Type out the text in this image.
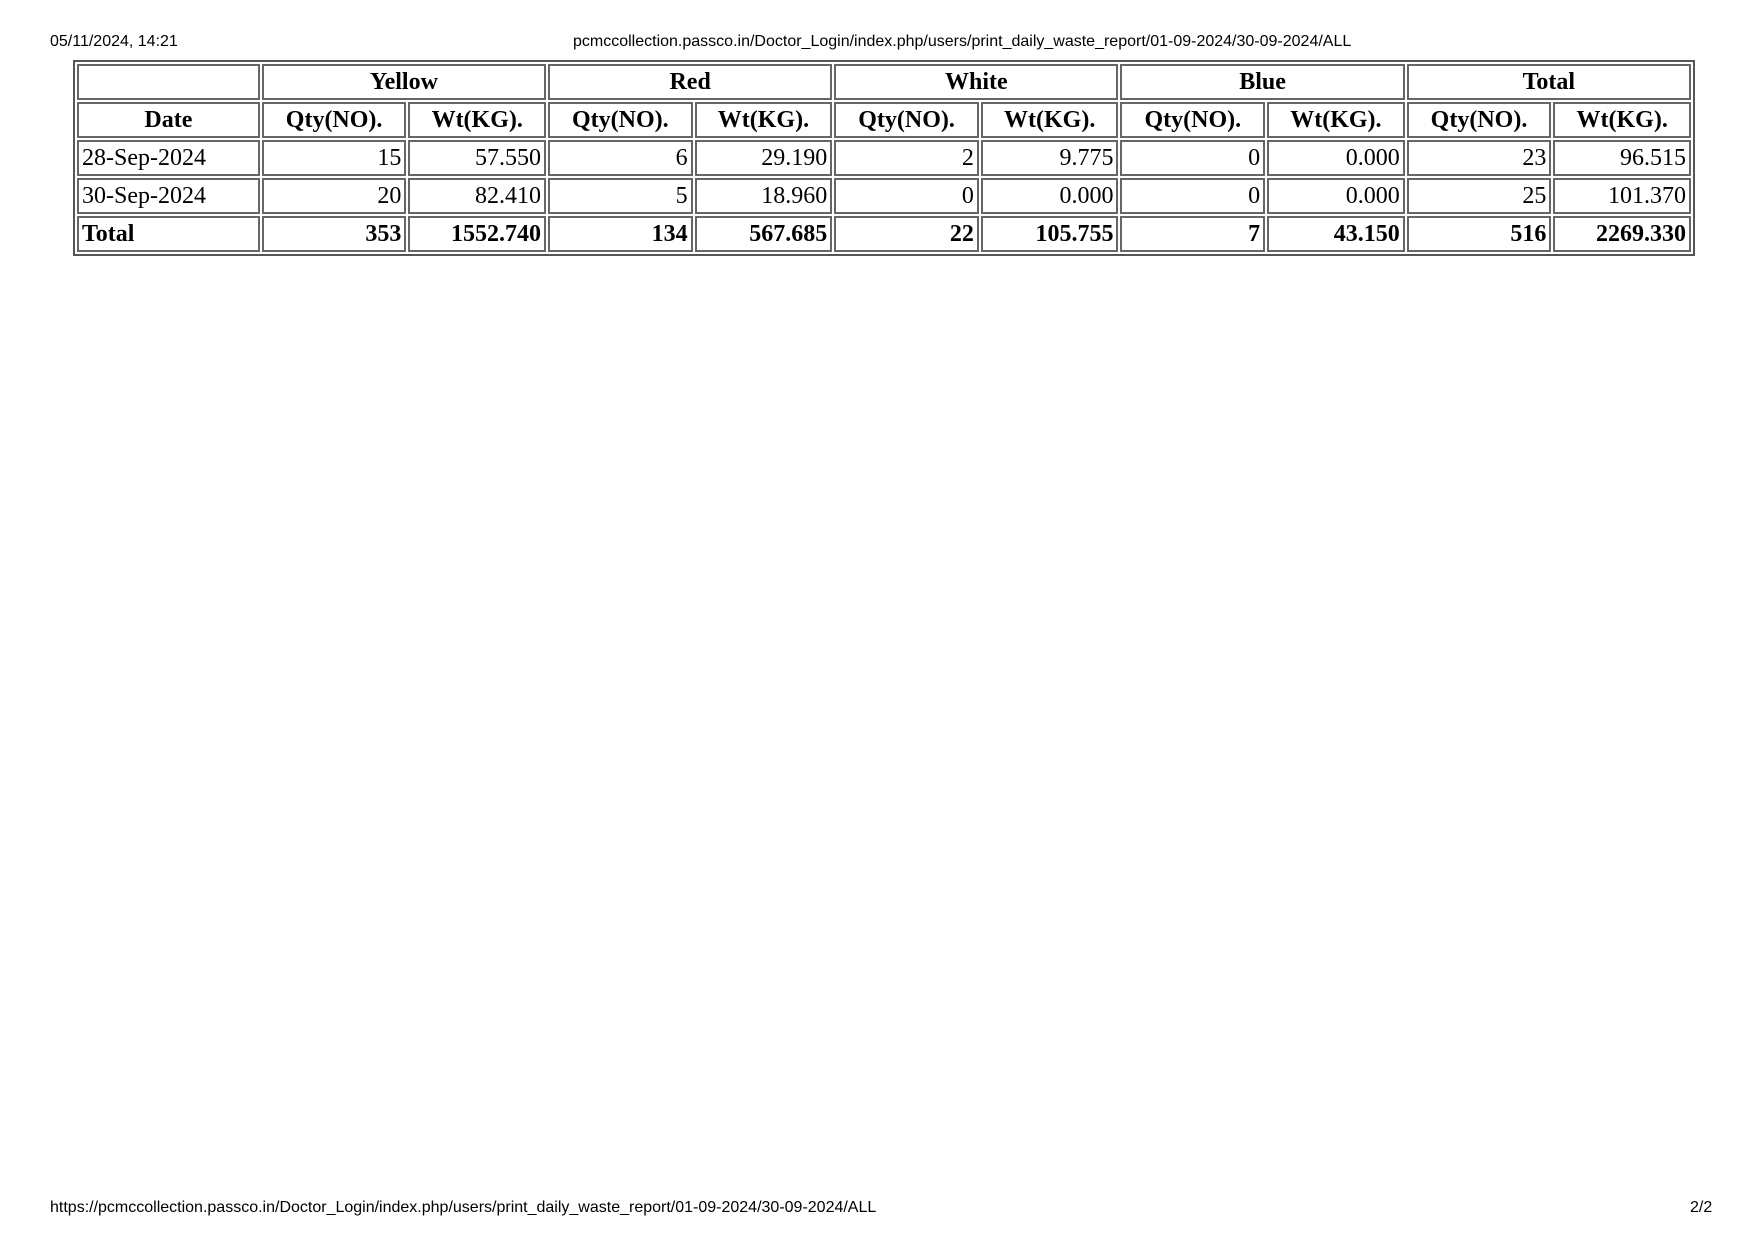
05/11/2024, 14:21	pcmccollection.passco.in/Doctor_Login/index.php/users/print_daily_waste_report/01-09-2024/30-09-2024/ALL
	Yellow		Red		White		Blue		Total	
Date	Qty(NO).	Wt(KG).	Qty(NO).	Wt(KG).	Qty(NO).	Wt(KG).	Qty(NO).	Wt(KG).	Qty(NO).	Wt(KG).
28-Sep-2024	15	57.550	6	29.190	2	9.775	0	0.000	23	96.515
30-Sep-2024	20	82.410	5	18.960	0	0.000	0	0.000	25	101.370
Total	353	1552.740	134	567.685	22	105.755	7	43.150	516	2269.330
https://pcmccollection.passco.in/Doctor_Login/index.php/users/print_daily_waste_report/01-09-2024/30-09-2024/ALL	2/2
